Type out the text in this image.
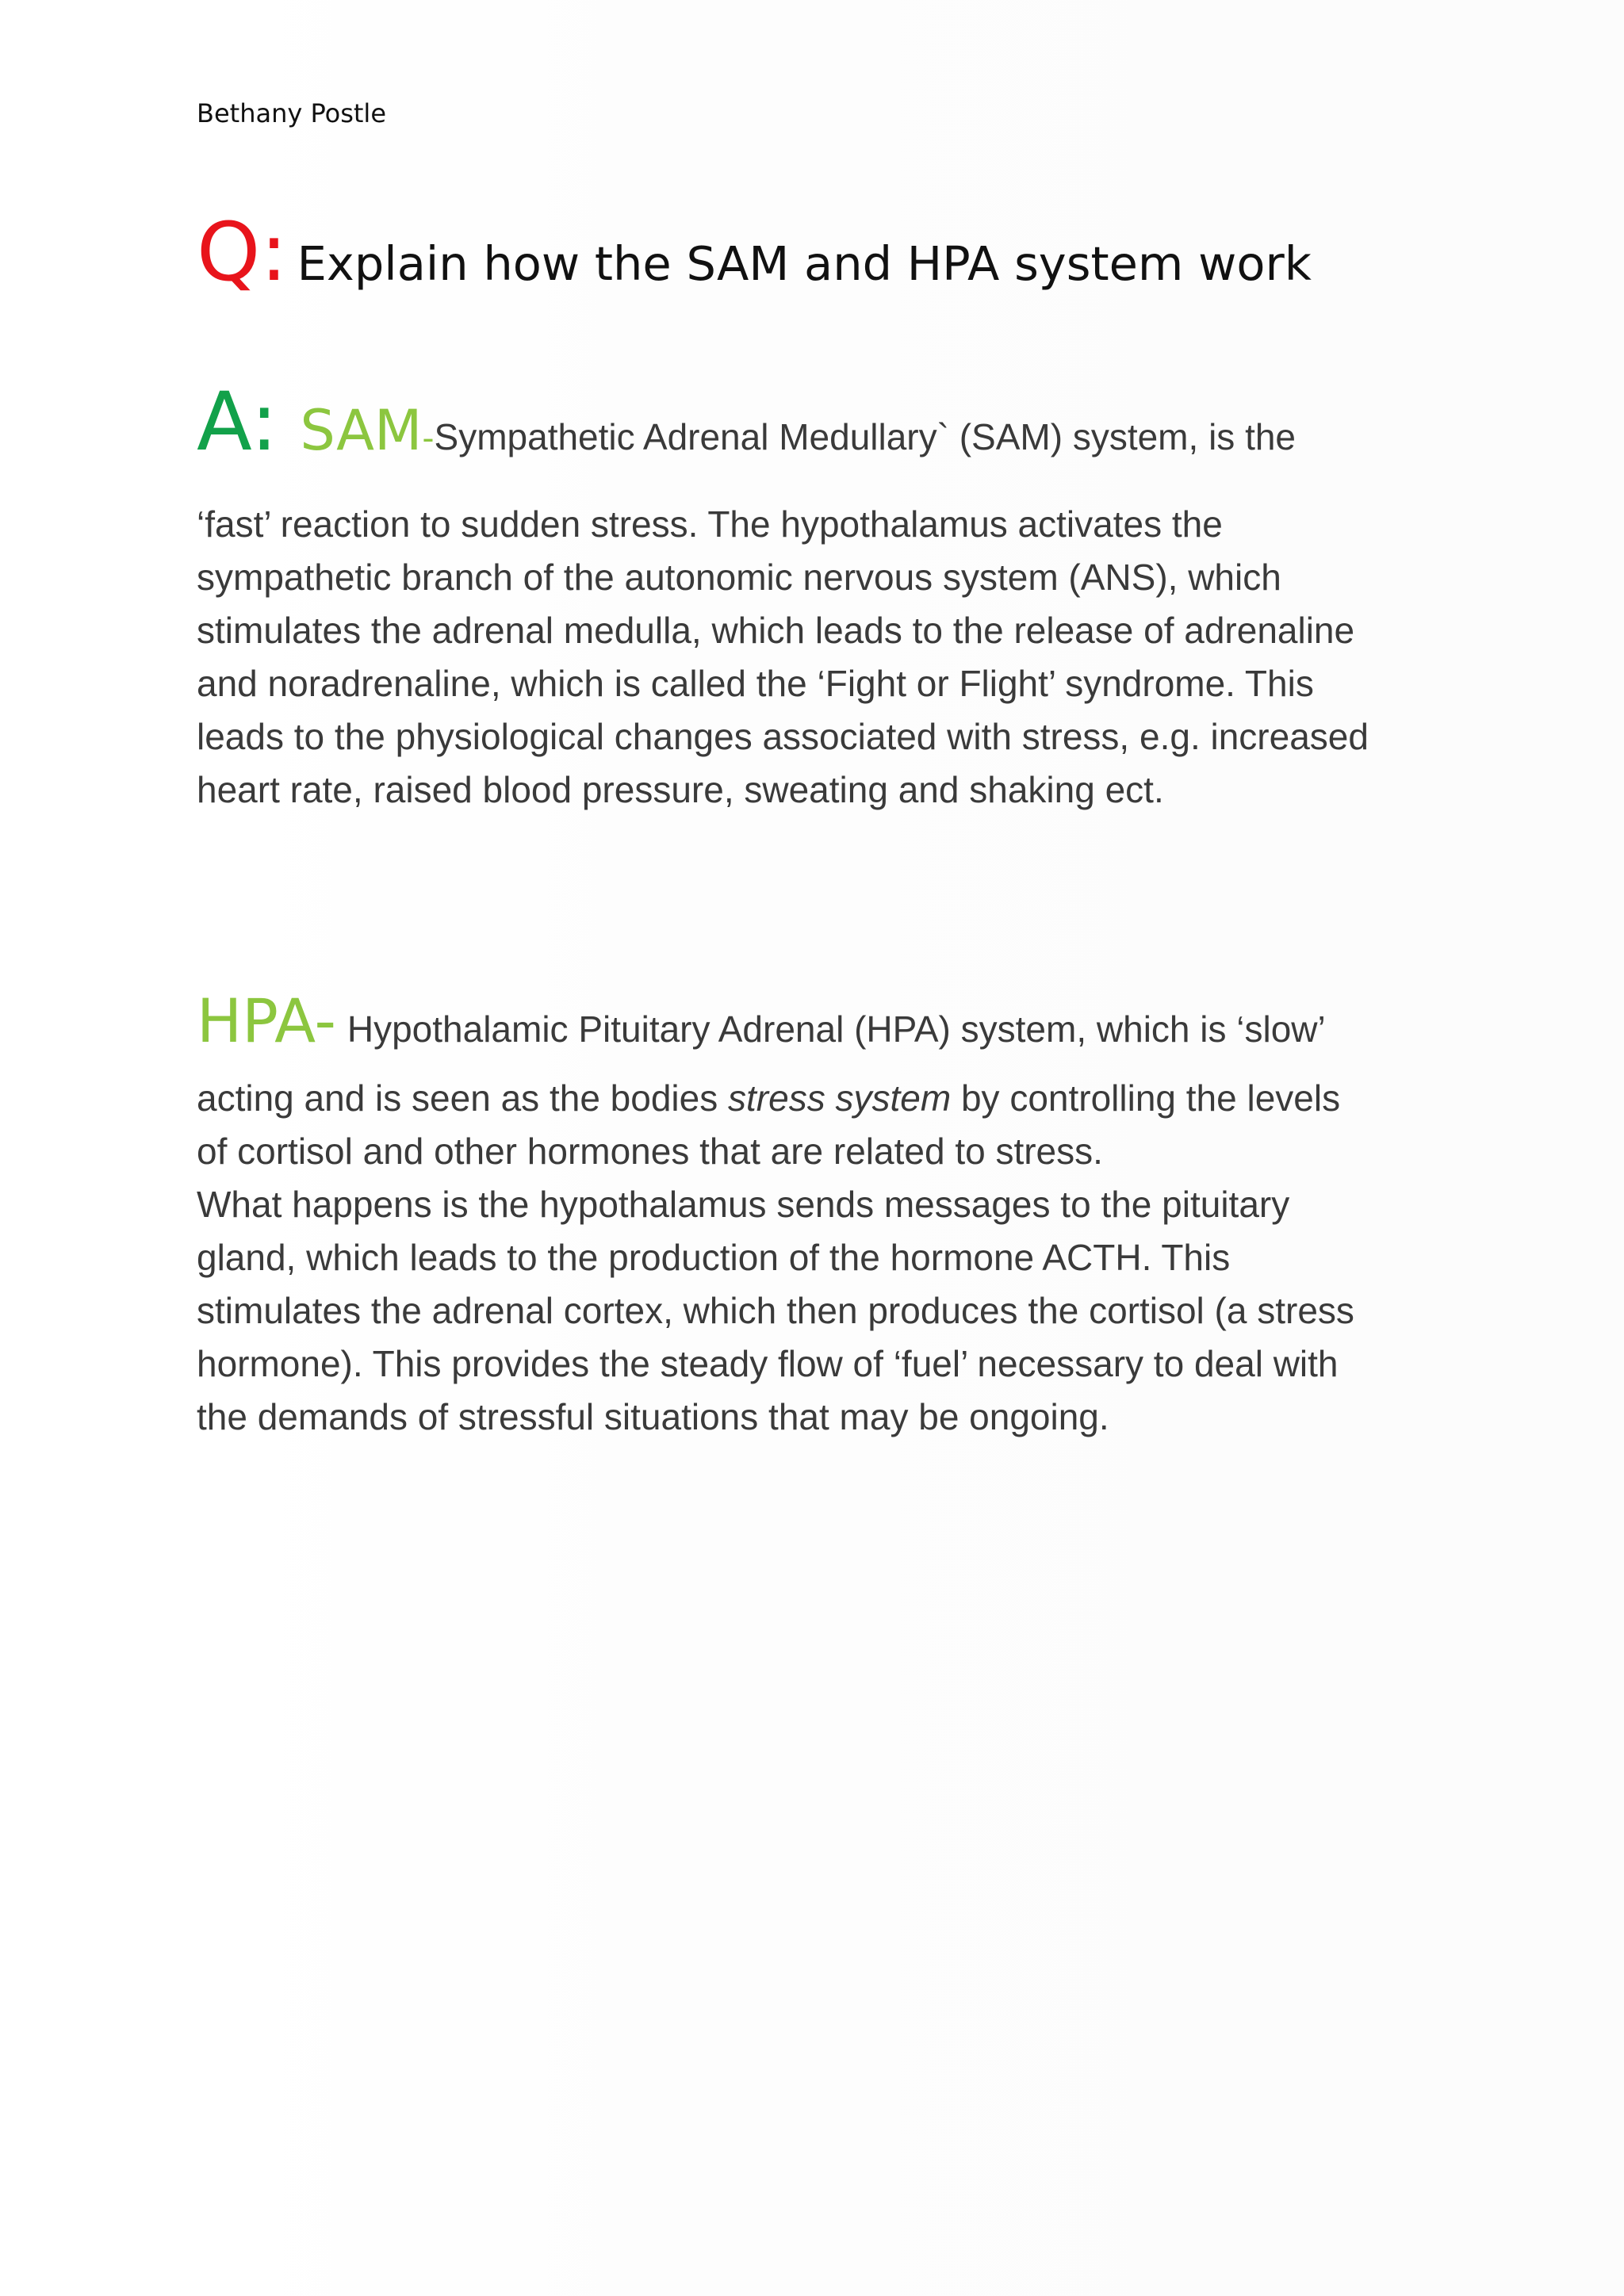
Bethany Postle
Q: Explain how the SAM and HPA system work
A: SAM-Sympathetic Adrenal Medullary` (SAM) system, is the
‘fast’ reaction to sudden stress. The hypothalamus activates the
sympathetic branch of the autonomic nervous system (ANS), which
stimulates the adrenal medulla, which leads to the release of adrenaline
and noradrenaline, which is called the ‘Fight or Flight’ syndrome. This
leads to the physiological changes associated with stress, e.g. increased
heart rate, raised blood pressure, sweating and shaking ect.
HPA- Hypothalamic Pituitary Adrenal (HPA) system, which is ‘slow’
acting and is seen as the bodies stress system by controlling the levels
of cortisol and other hormones that are related to stress.
What happens is the hypothalamus sends messages to the pituitary
gland, which leads to the production of the hormone ACTH. This
stimulates the adrenal cortex, which then produces the cortisol (a stress
hormone). This provides the steady flow of ‘fuel’ necessary to deal with
the demands of stressful situations that may be ongoing.
